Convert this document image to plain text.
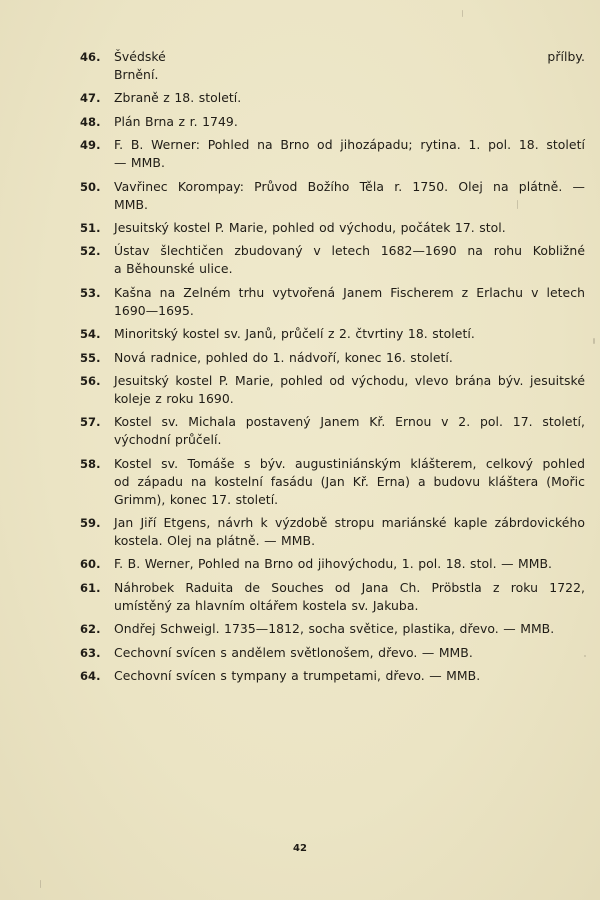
46.	Švédské přílby.
Brnění.
47.	Zbraně z 18. století.
48.	Plán Brna z r. 1749.
49.	F. B. Werner: Pohled na Brno od jihozápadu; rytina. 1. pol. 18. století
— MMB.
50.	Vavřinec Korompay: Průvod Božího Těla r. 1750. Olej na plátně. —
MMB.
51.	Jesuitský kostel P. Marie, pohled od východu, počátek 17. stol.
52.	Ústav šlechtičen zbudovaný v letech 1682—1690 na rohu Kobližné
a Běhounské ulice.
53.	Kašna na Zelném trhu vytvořená Janem Fischerem z Erlachu v letech
1690—1695.
54.	Minoritský kostel sv. Janů, průčelí z 2. čtvrtiny 18. století.
55.	Nová radnice, pohled do 1. nádvoří, konec 16. století.
56.	Jesuitský kostel P. Marie, pohled od východu, vlevo brána býv. jesuitské
koleje z roku 1690.
57.	Kostel sv. Michala postavený Janem Kř. Ernou v 2. pol. 17. století,
východní průčelí.
58.	Kostel sv. Tomáše s býv. augustiniánským klášterem, celkový pohled
od západu na kostelní fasádu (Jan Kř. Erna) a budovu kláštera (Mořic
Grimm), konec 17. století.
59.	Jan Jiří Etgens, návrh k výzdobě stropu mariánské kaple zábrdovického
kostela. Olej na plátně. — MMB.
60.	F. B. Werner, Pohled na Brno od jihovýchodu, 1. pol. 18. stol. — MMB.
61.	Náhrobek Raduita de Souches od Jana Ch. Pröbstla z roku 1722,
umístěný za hlavním oltářem kostela sv. Jakuba.
62.	Ondřej Schweigl. 1735—1812, socha světice, plastika, dřevo. — MMB.
63.	Cechovní svícen s andělem světlonošem, dřevo. — MMB.
64.	Cechovní svícen s tympany a trumpetami, dřevo. — MMB.
42
